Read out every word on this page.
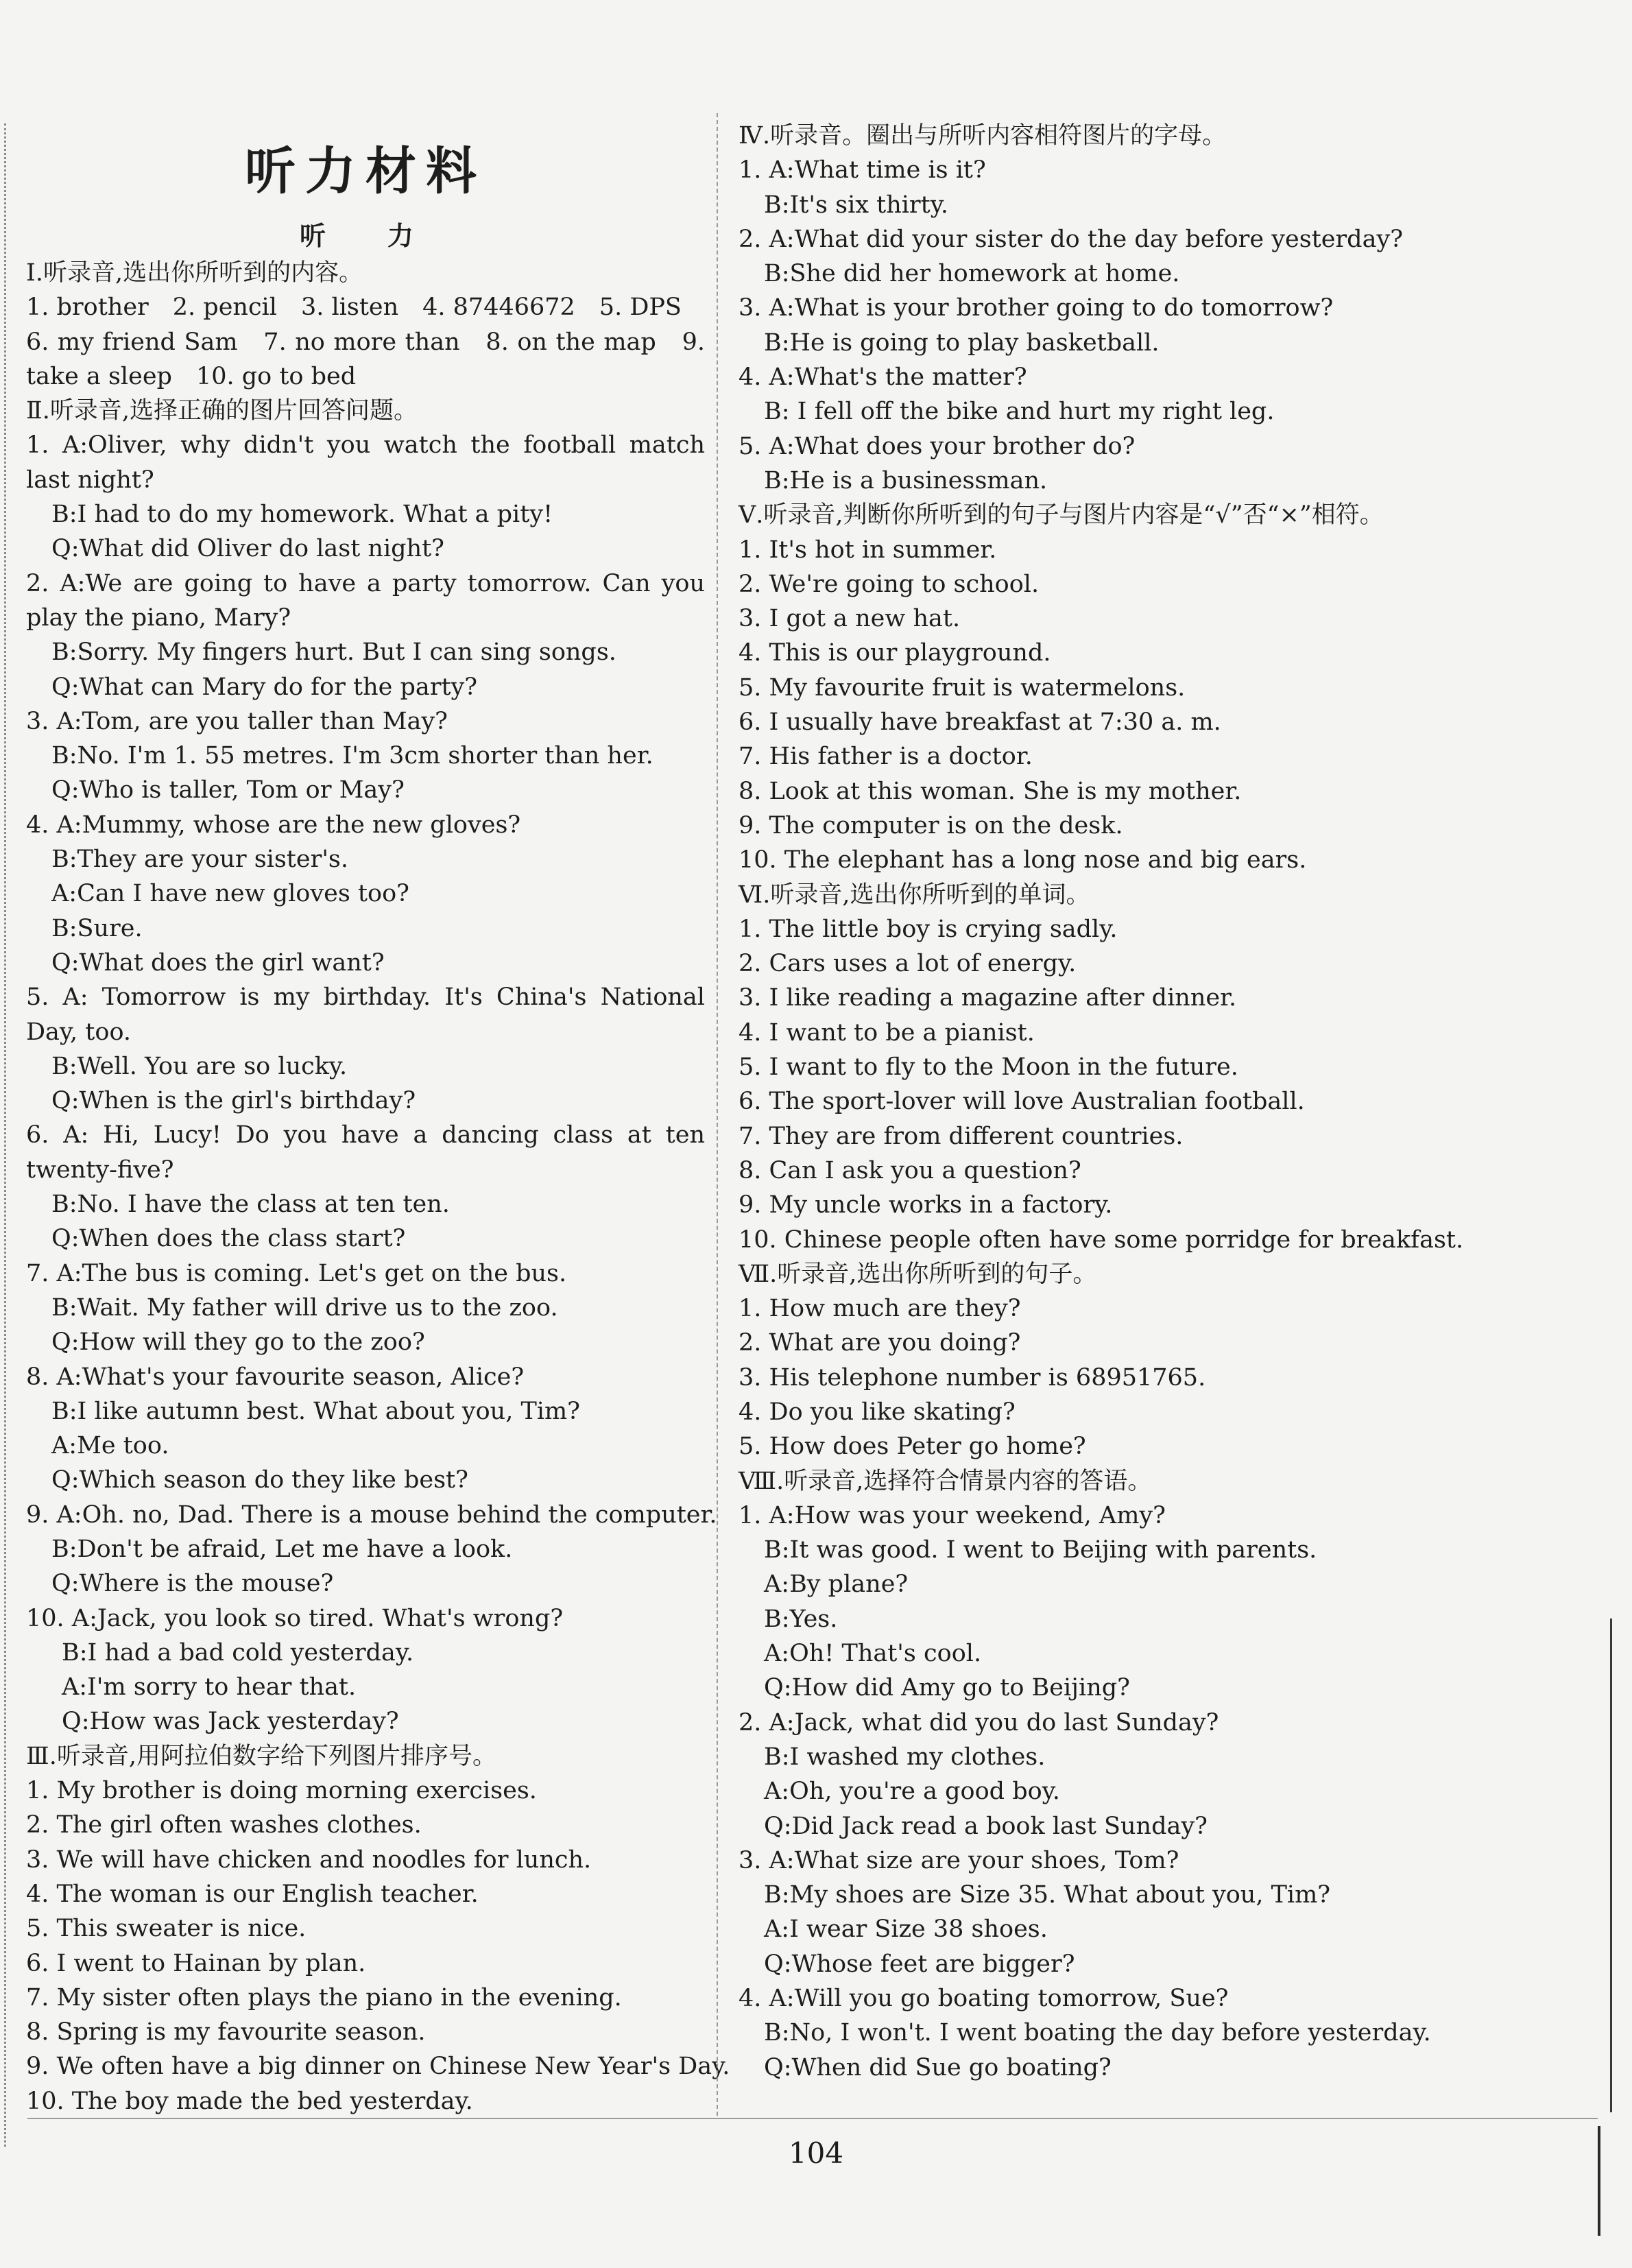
听力材料
听　力
Ⅰ.听录音,选出你所听到的内容。
1. brother　2. pencil　3. listen　4. 87446672　5. DPS
6. my friend Sam　7. no more than　8. on the map　9. take a sleep　10. go to bed
Ⅱ.听录音,选择正确的图片回答问题。
1. A:Oliver, why didn't you watch the football match last night?
B:I had to do my homework. What a pity!
Q:What did Oliver do last night?
2. A:We are going to have a party tomorrow. Can you play the piano, Mary?
B:Sorry. My fingers hurt. But I can sing songs.
Q:What can Mary do for the party?
3. A:Tom, are you taller than May?
B:No. I'm 1. 55 metres. I'm 3cm shorter than her.
Q:Who is taller, Tom or May?
4. A:Mummy, whose are the new gloves?
B:They are your sister's.
A:Can I have new gloves too?
B:Sure.
Q:What does the girl want?
5. A: Tomorrow is my birthday. It's China's National Day, too.
B:Well. You are so lucky.
Q:When is the girl's birthday?
6. A: Hi, Lucy! Do you have a dancing class at ten twenty-five?
B:No. I have the class at ten ten.
Q:When does the class start?
7. A:The bus is coming. Let's get on the bus.
B:Wait. My father will drive us to the zoo.
Q:How will they go to the zoo?
8. A:What's your favourite season, Alice?
B:I like autumn best. What about you, Tim?
A:Me too.
Q:Which season do they like best?
9. A:Oh. no, Dad. There is a mouse behind the computer.
B:Don't be afraid, Let me have a look.
Q:Where is the mouse?
10. A:Jack, you look so tired. What's wrong?
B:I had a bad cold yesterday.
A:I'm sorry to hear that.
Q:How was Jack yesterday?
Ⅲ.听录音,用阿拉伯数字给下列图片排序号。
1. My brother is doing morning exercises.
2. The girl often washes clothes.
3. We will have chicken and noodles for lunch.
4. The woman is our English teacher.
5. This sweater is nice.
6. I went to Hainan by plan.
7. My sister often plays the piano in the evening.
8. Spring is my favourite season.
9. We often have a big dinner on Chinese New Year's Day.
10. The boy made the bed yesterday.
Ⅳ.听录音。圈出与所听内容相符图片的字母。
1. A:What time is it?
B:It's six thirty.
2. A:What did your sister do the day before yesterday?
B:She did her homework at home.
3. A:What is your brother going to do tomorrow?
B:He is going to play basketball.
4. A:What's the matter?
B: I fell off the bike and hurt my right leg.
5. A:What does your brother do?
B:He is a businessman.
Ⅴ.听录音,判断你所听到的句子与图片内容是“√”否“×”相符。
1. It's hot in summer.
2. We're going to school.
3. I got a new hat.
4. This is our playground.
5. My favourite fruit is watermelons.
6. I usually have breakfast at 7:30 a. m.
7. His father is a doctor.
8. Look at this woman. She is my mother.
9. The computer is on the desk.
10. The elephant has a long nose and big ears.
Ⅵ.听录音,选出你所听到的单词。
1. The little boy is crying sadly.
2. Cars uses a lot of energy.
3. I like reading a magazine after dinner.
4. I want to be a pianist.
5. I want to fly to the Moon in the future.
6. The sport-lover will love Australian football.
7. They are from different countries.
8. Can I ask you a question?
9. My uncle works in a factory.
10. Chinese people often have some porridge for breakfast.
Ⅶ.听录音,选出你所听到的句子。
1. How much are they?
2. What are you doing?
3. His telephone number is 68951765.
4. Do you like skating?
5. How does Peter go home?
Ⅷ.听录音,选择符合情景内容的答语。
1. A:How was your weekend, Amy?
B:It was good. I went to Beijing with parents.
A:By plane?
B:Yes.
A:Oh! That's cool.
Q:How did Amy go to Beijing?
2. A:Jack, what did you do last Sunday?
B:I washed my clothes.
A:Oh, you're a good boy.
Q:Did Jack read a book last Sunday?
3. A:What size are your shoes, Tom?
B:My shoes are Size 35. What about you, Tim?
A:I wear Size 38 shoes.
Q:Whose feet are bigger?
4. A:Will you go boating tomorrow, Sue?
B:No, I won't. I went boating the day before yesterday.
Q:When did Sue go boating?
104
